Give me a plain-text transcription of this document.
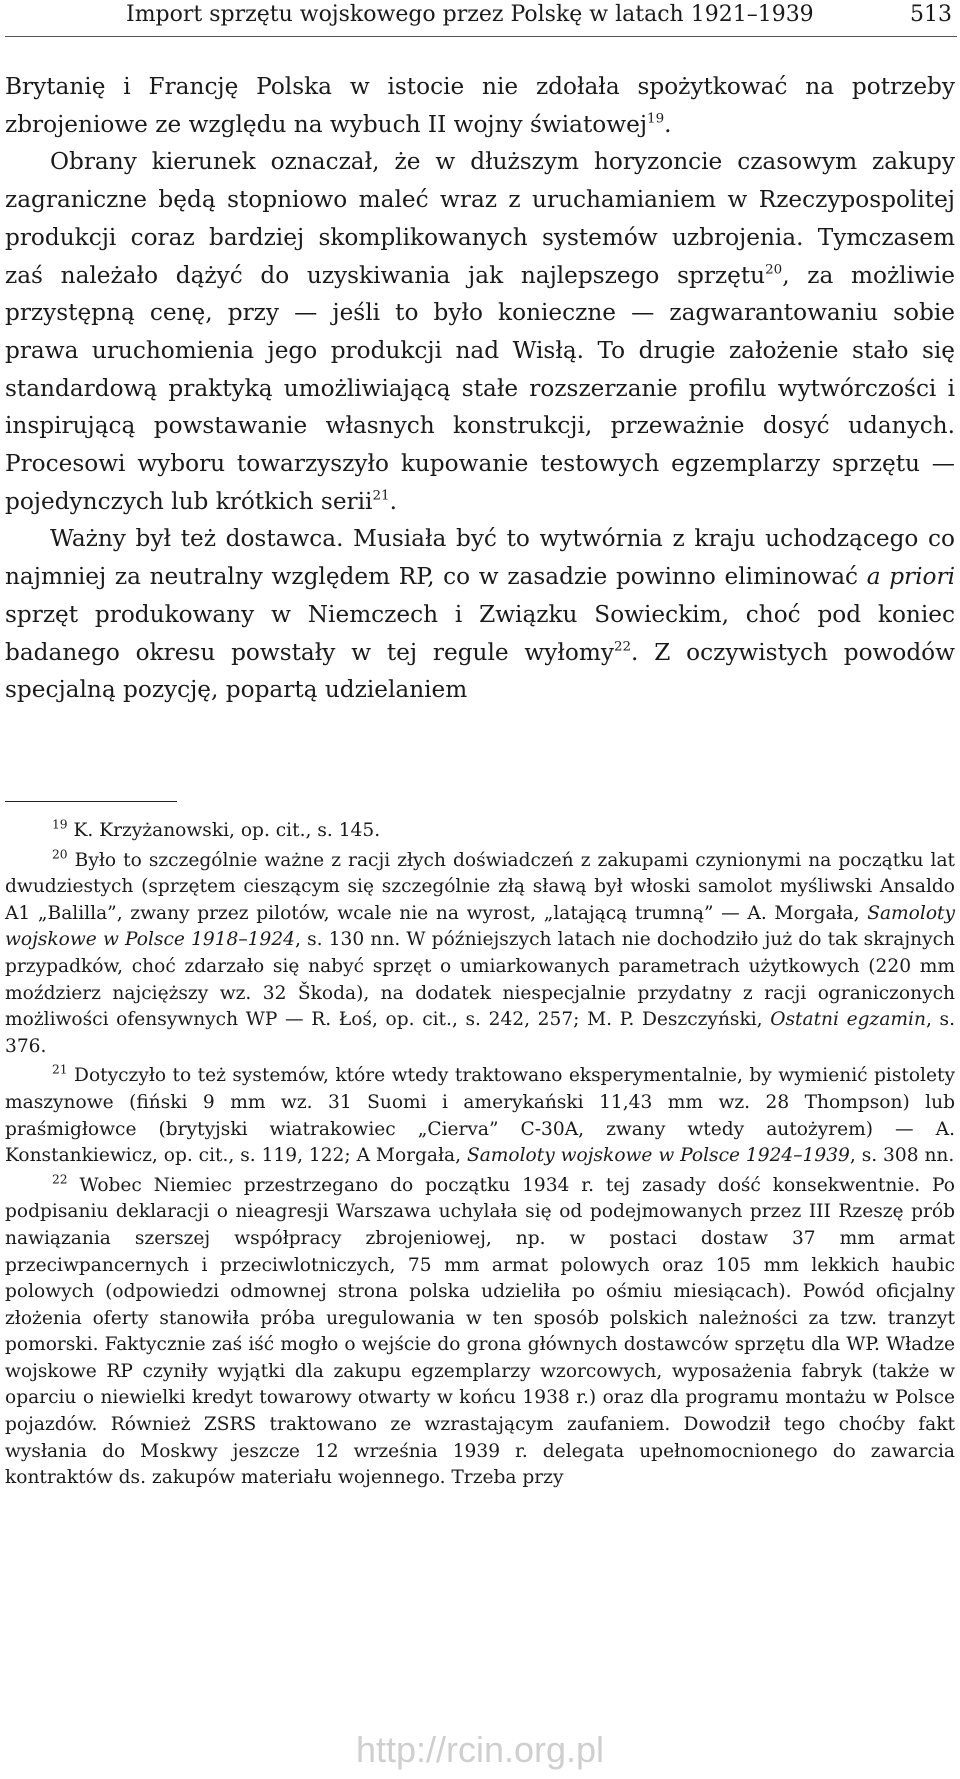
Import sprzętu wojskowego przez Polskę w latach 1921–1939	513

Brytanię i Francję Polska w istocie nie zdołała spożytkować na potrzeby zbrojeniowe ze względu na wybuch II wojny światowej$^{19}$.

Obrany kierunek oznaczał, że w dłuższym horyzoncie czasowym zakupy zagraniczne będą stopniowo maleć wraz z uruchamianiem w Rzeczypospolitej produkcji coraz bardziej skomplikowanych systemów uzbrojenia. Tymczasem zaś należało dążyć do uzyskiwania jak najlepszego sprzętu$^{20}$, za możliwie przystępną cenę, przy — jeśli to było konieczne — zagwarantowaniu sobie prawa uruchomienia jego produkcji nad Wisłą. To drugie założenie stało się standardową praktyką umożliwiającą stałe rozszerzanie profilu wytwórczości i inspirującą powstawanie własnych konstrukcji, przeważnie dosyć udanych. Procesowi wyboru towarzyszyło kupowanie testowych egzemplarzy sprzętu — pojedynczych lub krótkich serii$^{21}$.

Ważny był też dostawca. Musiała być to wytwórnia z kraju uchodzącego co najmniej za neutralny względem RP, co w zasadzie powinno eliminować a priori sprzęt produkowany w Niemczech i Związku Sowieckim, choć pod koniec badanego okresu powstały w tej regule wyłomy$^{22}$. Z oczywistych powodów specjalną pozycję, popartą udzielaniem

$^{19}$ K. Krzyżanowski, op. cit., s. 145.

$^{20}$ Było to szczególnie ważne z racji złych doświadczeń z zakupami czynionymi na początku lat dwudziestych (sprzętem cieszącym się szczególnie złą sławą był włoski samolot myśliwski Ansaldo A1 „Balilla”, zwany przez pilotów, wcale nie na wyrost, „latającą trumną” — A. Morgała, Samoloty wojskowe w Polsce 1918–1924, s. 130 nn. W późniejszych latach nie dochodziło już do tak skrajnych przypadków, choć zdarzało się nabyć sprzęt o umiarkowanych parametrach użytkowych (220 mm moździerz najcięższy wz. 32 Škoda), na dodatek niespecjalnie przydatny z racji ograniczonych możliwości ofensywnych WP — R. Łoś, op. cit., s. 242, 257; M. P. Deszczyński, Ostatni egzamin, s. 376.

$^{21}$ Dotyczyło to też systemów, które wtedy traktowano eksperymentalnie, by wymienić pistolety maszynowe (fiński 9 mm wz. 31 Suomi i amerykański 11,43 mm wz. 28 Thompson) lub praśmigłowce (brytyjski wiatrakowiec „Cierva” C-30A, zwany wtedy autożyrem) — A. Konstankiewicz, op. cit., s. 119, 122; A Morgała, Samoloty wojskowe w Polsce 1924–1939, s. 308 nn.

$^{22}$ Wobec Niemiec przestrzegano do początku 1934 r. tej zasady dość konsekwentnie. Po podpisaniu deklaracji o nieagresji Warszawa uchylała się od podejmowanych przez III Rzeszę prób nawiązania szerszej współpracy zbrojeniowej, np. w postaci dostaw 37 mm armat przeciwpancernych i przeciwlotniczych, 75 mm armat polowych oraz 105 mm lekkich haubic polowych (odpowiedzi odmownej strona polska udzieliła po ośmiu miesiącach). Powód oficjalny złożenia oferty stanowiła próba uregulowania w ten sposób polskich należności za tzw. tranzyt pomorski. Faktycznie zaś iść mogło o wejście do grona głównych dostawców sprzętu dla WP. Władze wojskowe RP czyniły wyjątki dla zakupu egzemplarzy wzorcowych, wyposażenia fabryk (także w oparciu o niewielki kredyt towarowy otwarty w końcu 1938 r.) oraz dla programu montażu w Polsce pojazdów. Również ZSRS traktowano ze wzrastającym zaufaniem. Dowodził tego choćby fakt wysłania do Moskwy jeszcze 12 września 1939 r. delegata upełnomocnionego do zawarcia kontraktów ds. zakupów materiału wojennego. Trzeba przy

http://rcin.org.pl
